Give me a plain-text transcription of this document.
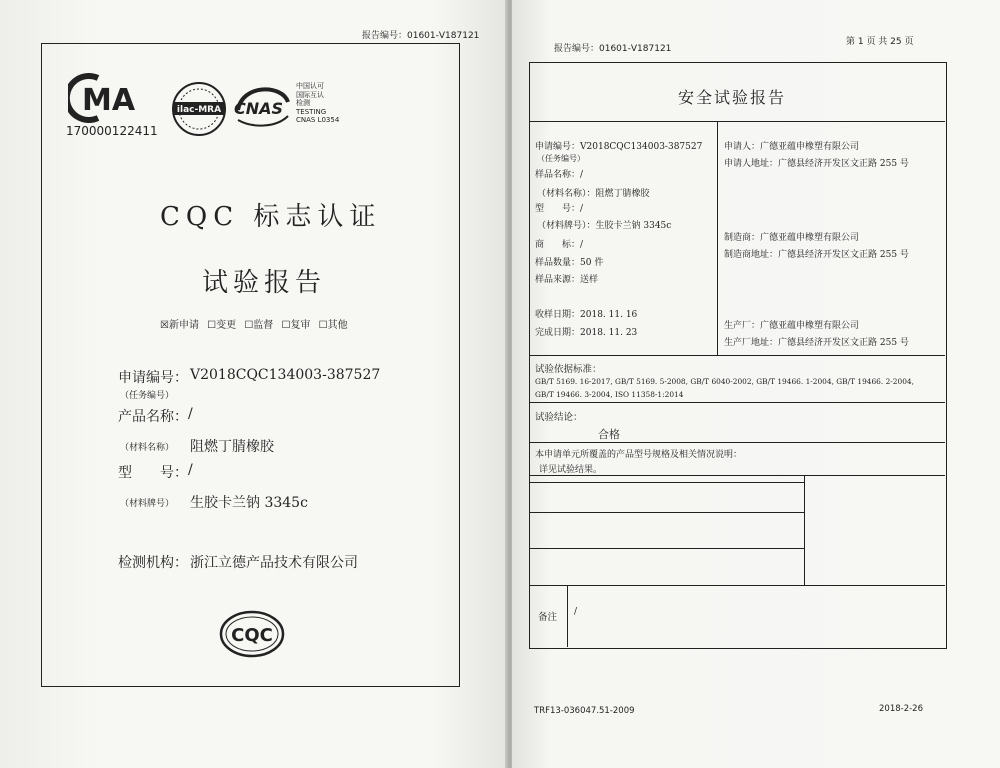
报告编号：01601-V187121
MA
170000122411
ilac-MRA CNAS
中国认可
国际互认
检测
TESTING
CNAS L0354
CQC 标志认证
试验报告
☒新申请 ☐变更 ☐监督 ☐复审 ☐其他
申请编号： V2018CQC134003-387527
（任务编号）
产品名称： /
（材料名称） 阻燃丁腈橡胶
型　　号： /
（材料牌号） 生胶卡兰钠 3345c
检测机构： 浙江立德产品技术有限公司
CQC
报告编号：01601-V187121
第 1 页 共 25 页
安全试验报告
申请编号：V2018CQC134003-387527
（任务编号）
样品名称：/
（材料名称）：阻燃丁腈橡胶
型　　号：/
（材料牌号）：生胶卡兰钠 3345c
商　　标：/
样品数量：50 件
样品来源：送样
收样日期：2018. 11. 16
完成日期：2018. 11. 23
申请人：广德亚蕴申橡塑有限公司
申请人地址：广德县经济开发区文正路 255 号
制造商：广德亚蕴申橡塑有限公司
制造商地址：广德县经济开发区文正路 255 号
生产厂：广德亚蕴申橡塑有限公司
生产厂地址：广德县经济开发区文正路 255 号
试验依据标准：
GB/T 5169. 16-2017, GB/T 5169. 5-2008, GB/T 6040-2002, GB/T 19466. 1-2004, GB/T 19466. 2-2004,
GB/T 19466. 3-2004, ISO 11358-1:2014
试验结论：
合格
本申请单元所覆盖的产品型号规格及相关情况说明：
详见试验结果。
备注 /
TRF13-036047.51-2009	2018-2-26
